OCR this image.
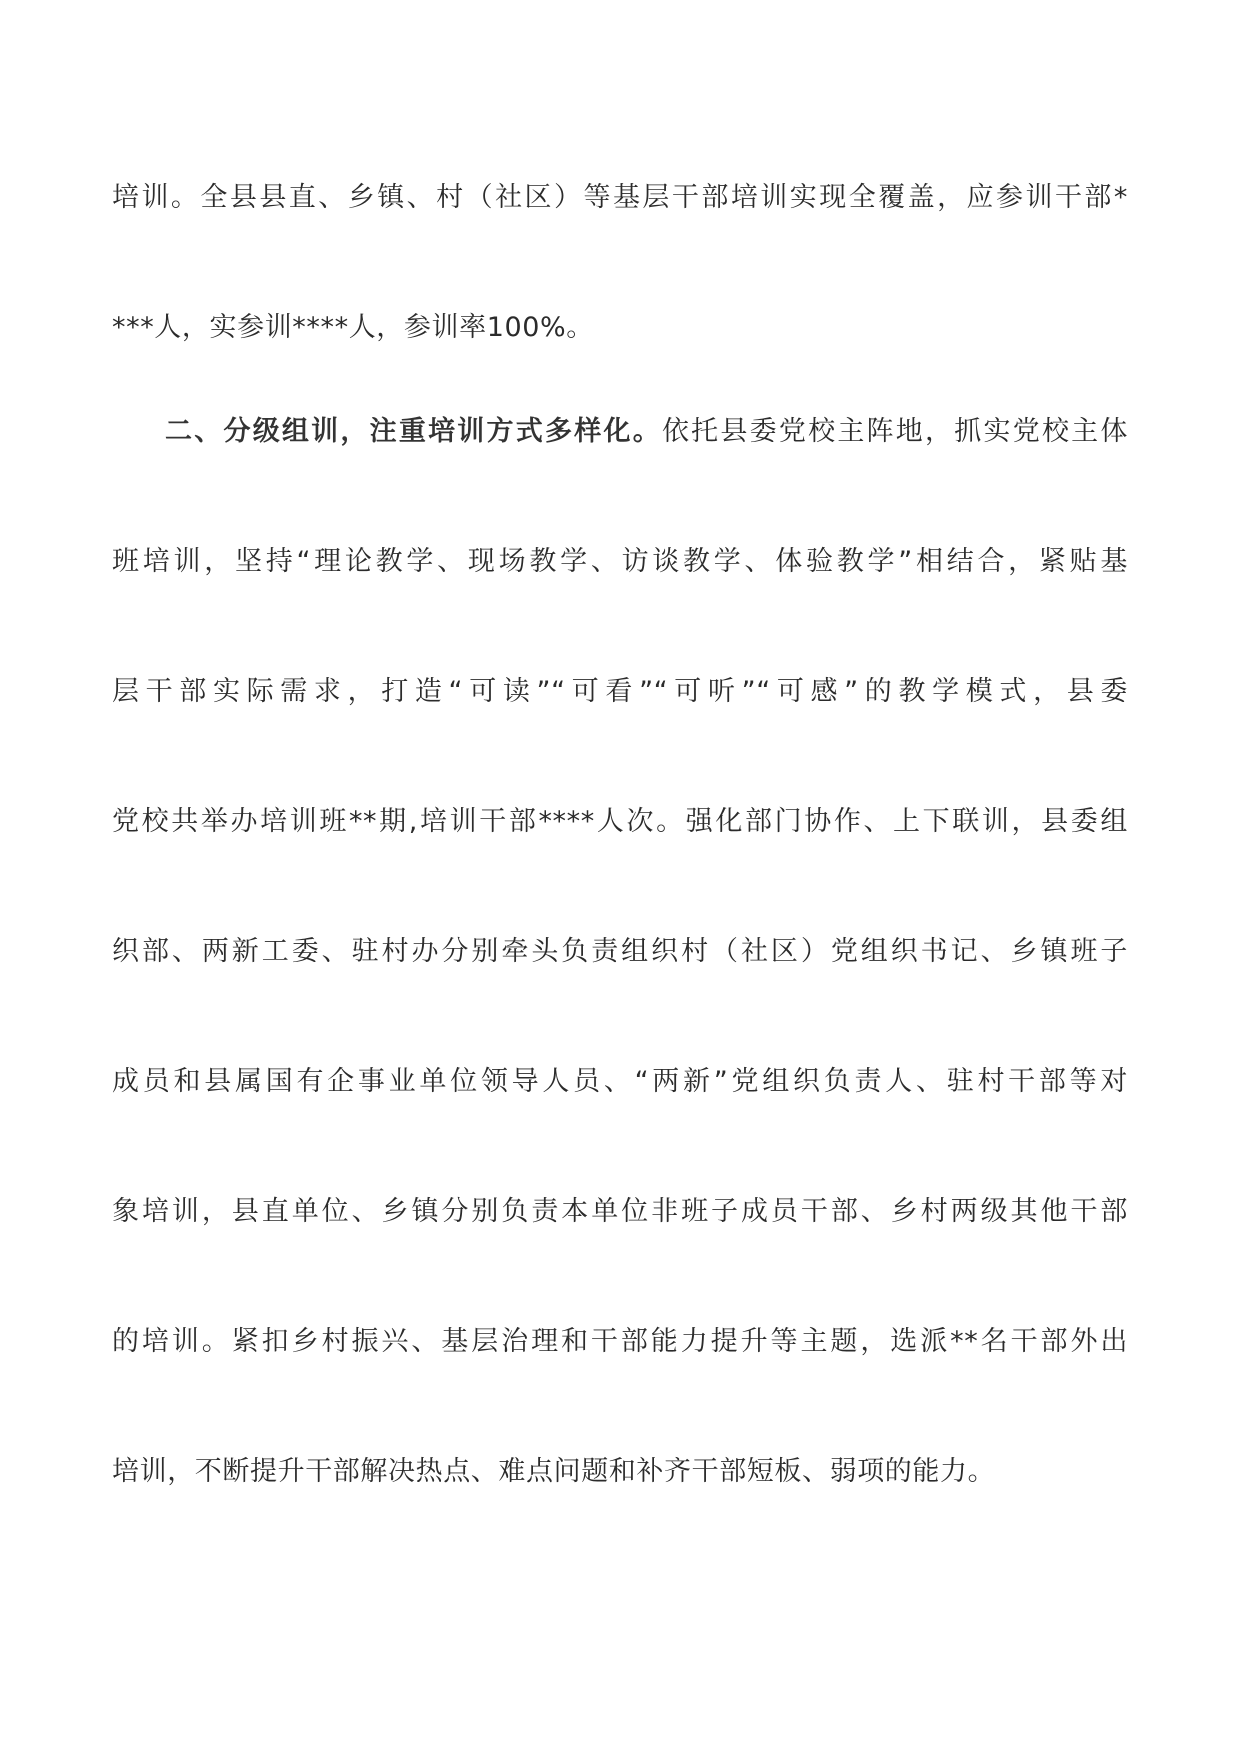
培训。全县县直、乡镇、村（社区）等基层干部培训实现全覆盖，应参训干部*
***人，实参训****人，参训率100%。
二、分级组训，注重培训方式多样化。依托县委党校主阵地，抓实党校主体
班培训，坚持“理论教学、现场教学、访谈教学、体验教学”相结合，紧贴基
层干部实际需求，打造“可读”“可看”“可听”“可感”的教学模式，县委
党校共举办培训班**期,培训干部****人次。强化部门协作、上下联训，县委组
织部、两新工委、驻村办分别牵头负责组织村（社区）党组织书记、乡镇班子
成员和县属国有企事业单位领导人员、“两新”党组织负责人、驻村干部等对
象培训，县直单位、乡镇分别负责本单位非班子成员干部、乡村两级其他干部
的培训。紧扣乡村振兴、基层治理和干部能力提升等主题，选派**名干部外出
培训，不断提升干部解决热点、难点问题和补齐干部短板、弱项的能力。
